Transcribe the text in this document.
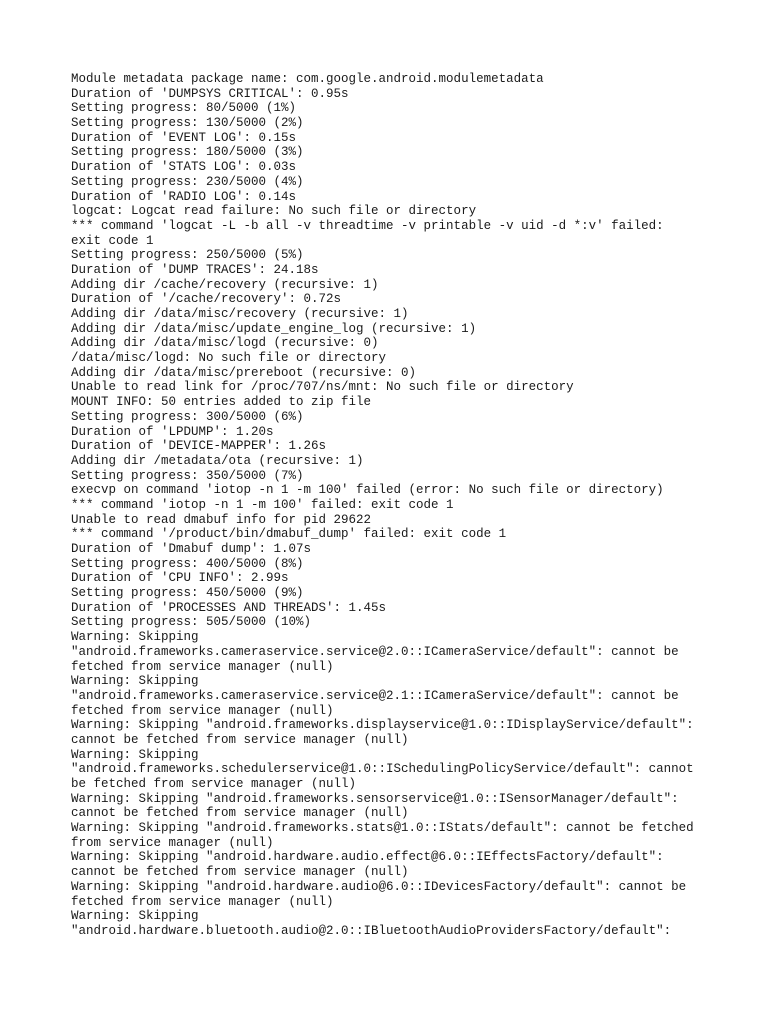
Module metadata package name: com.google.android.modulemetadata
Duration of 'DUMPSYS CRITICAL': 0.95s
Setting progress: 80/5000 (1%)
Setting progress: 130/5000 (2%)
Duration of 'EVENT LOG': 0.15s
Setting progress: 180/5000 (3%)
Duration of 'STATS LOG': 0.03s
Setting progress: 230/5000 (4%)
Duration of 'RADIO LOG': 0.14s
logcat: Logcat read failure: No such file or directory
*** command 'logcat -L -b all -v threadtime -v printable -v uid -d *:v' failed:
exit code 1
Setting progress: 250/5000 (5%)
Duration of 'DUMP TRACES': 24.18s
Adding dir /cache/recovery (recursive: 1)
Duration of '/cache/recovery': 0.72s
Adding dir /data/misc/recovery (recursive: 1)
Adding dir /data/misc/update_engine_log (recursive: 1)
Adding dir /data/misc/logd (recursive: 0)
/data/misc/logd: No such file or directory
Adding dir /data/misc/prereboot (recursive: 0)
Unable to read link for /proc/707/ns/mnt: No such file or directory
MOUNT INFO: 50 entries added to zip file
Setting progress: 300/5000 (6%)
Duration of 'LPDUMP': 1.20s
Duration of 'DEVICE-MAPPER': 1.26s
Adding dir /metadata/ota (recursive: 1)
Setting progress: 350/5000 (7%)
execvp on command 'iotop -n 1 -m 100' failed (error: No such file or directory)
*** command 'iotop -n 1 -m 100' failed: exit code 1
Unable to read dmabuf info for pid 29622
*** command '/product/bin/dmabuf_dump' failed: exit code 1
Duration of 'Dmabuf dump': 1.07s
Setting progress: 400/5000 (8%)
Duration of 'CPU INFO': 2.99s
Setting progress: 450/5000 (9%)
Duration of 'PROCESSES AND THREADS': 1.45s
Setting progress: 505/5000 (10%)
Warning: Skipping
"android.frameworks.cameraservice.service@2.0::ICameraService/default": cannot be
fetched from service manager (null)
Warning: Skipping
"android.frameworks.cameraservice.service@2.1::ICameraService/default": cannot be
fetched from service manager (null)
Warning: Skipping "android.frameworks.displayservice@1.0::IDisplayService/default":
cannot be fetched from service manager (null)
Warning: Skipping
"android.frameworks.schedulerservice@1.0::ISchedulingPolicyService/default": cannot
be fetched from service manager (null)
Warning: Skipping "android.frameworks.sensorservice@1.0::ISensorManager/default":
cannot be fetched from service manager (null)
Warning: Skipping "android.frameworks.stats@1.0::IStats/default": cannot be fetched
from service manager (null)
Warning: Skipping "android.hardware.audio.effect@6.0::IEffectsFactory/default":
cannot be fetched from service manager (null)
Warning: Skipping "android.hardware.audio@6.0::IDevicesFactory/default": cannot be
fetched from service manager (null)
Warning: Skipping
"android.hardware.bluetooth.audio@2.0::IBluetoothAudioProvidersFactory/default":
